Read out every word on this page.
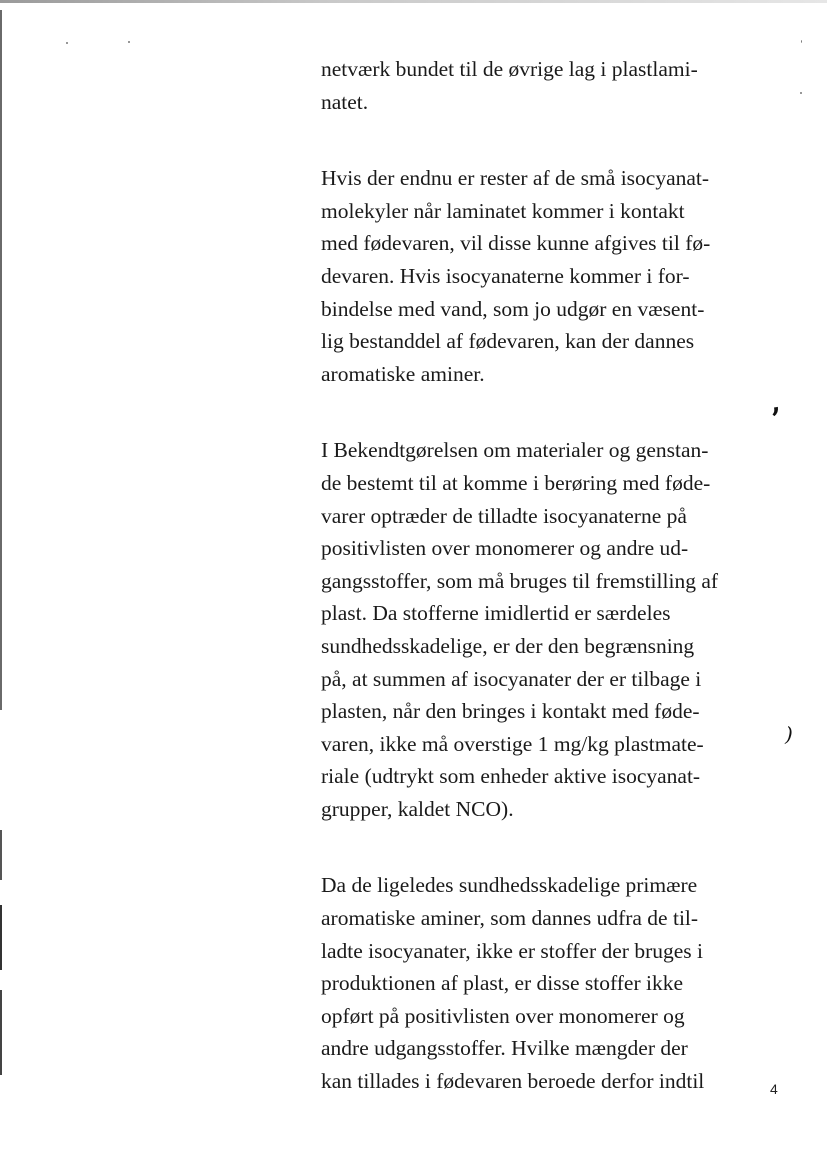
netværk bundet til de øvrige lag i plastlami-
natet.

Hvis der endnu er rester af de små isocyanat-
molekyler når laminatet kommer i kontakt
med fødevaren, vil disse kunne afgives til fø-
devaren. Hvis isocyanaterne kommer i for-
bindelse med vand, som jo udgør en væsent-
lig bestanddel af fødevaren, kan der dannes
aromatiske aminer.

I Bekendtgørelsen om materialer og genstan-
de bestemt til at komme i berøring med føde-
varer optræder de tilladte isocyanaterne på
positivlisten over monomerer og andre ud-
gangsstoffer, som må bruges til fremstilling af
plast. Da stofferne imidlertid er særdeles
sundhedsskadelige, er der den begrænsning
på, at summen af isocyanater der er tilbage i
plasten, når den bringes i kontakt med føde-
varen, ikke må overstige 1 mg/kg plastmate-
riale (udtrykt som enheder aktive isocyanat-
grupper, kaldet NCO).

Da de ligeledes sundhedsskadelige primære
aromatiske aminer, som dannes udfra de til-
ladte isocyanater, ikke er stoffer der bruges i
produktionen af plast, er disse stoffer ikke
opført på positivlisten over monomerer og
andre udgangsstoffer. Hvilke mængder der
kan tillades i fødevaren beroede derfor indtil

’
)
4
